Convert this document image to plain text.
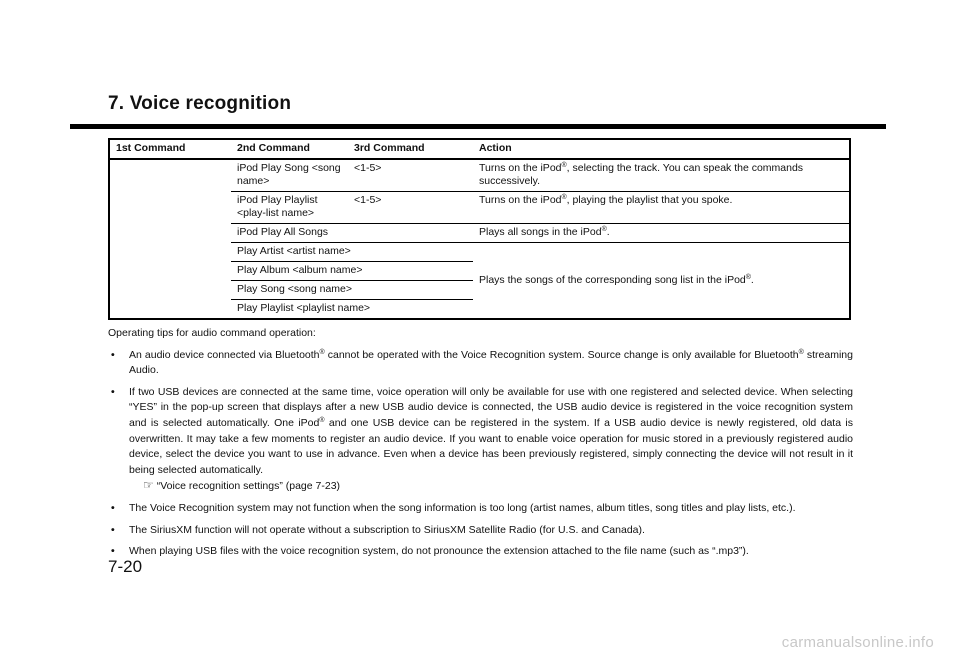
7. Voice recognition
1st Command	2nd Command	3rd Command	Action
	iPod Play Song <song name>	<1-5>	Turns on the iPod®, selecting the track. You can speak the commands successively.
	iPod Play Playlist <play-list name>	<1-5>	Turns on the iPod®, playing the playlist that you spoke.
	iPod Play All Songs		Plays all songs in the iPod®.
	Play Artist <artist name>		Plays the songs of the corresponding song list in the iPod®.
	Play Album <album name>		
	Play Song <song name>		
	Play Playlist <playlist name>		

Operating tips for audio command operation:

• An audio device connected via Bluetooth® cannot be operated with the Voice Recognition system. Source change is only available for Bluetooth® streaming Audio.
• If two USB devices are connected at the same time, voice operation will only be available for use with one registered and selected device. When selecting “YES” in the pop-up screen that displays after a new USB audio device is connected, the USB audio device is registered in the voice recognition system and is selected automatically. One iPod® and one USB device can be registered in the system. If a USB audio device is newly registered, old data is overwritten. It may take a few moments to register an audio device. If you want to enable voice operation for music stored in a previously registered audio device, select the device you want to use in advance. Even when a device has been previously registered, simply connecting the device will not result in it being selected automatically.
☞ “Voice recognition settings” (page 7-23)
• The Voice Recognition system may not function when the song information is too long (artist names, album titles, song titles and play lists, etc.).
• The SiriusXM function will not operate without a subscription to SiriusXM Satellite Radio (for U.S. and Canada).
• When playing USB files with the voice recognition system, do not pronounce the extension attached to the file name (such as “.mp3”).
7-20
carmanualsonline.info
